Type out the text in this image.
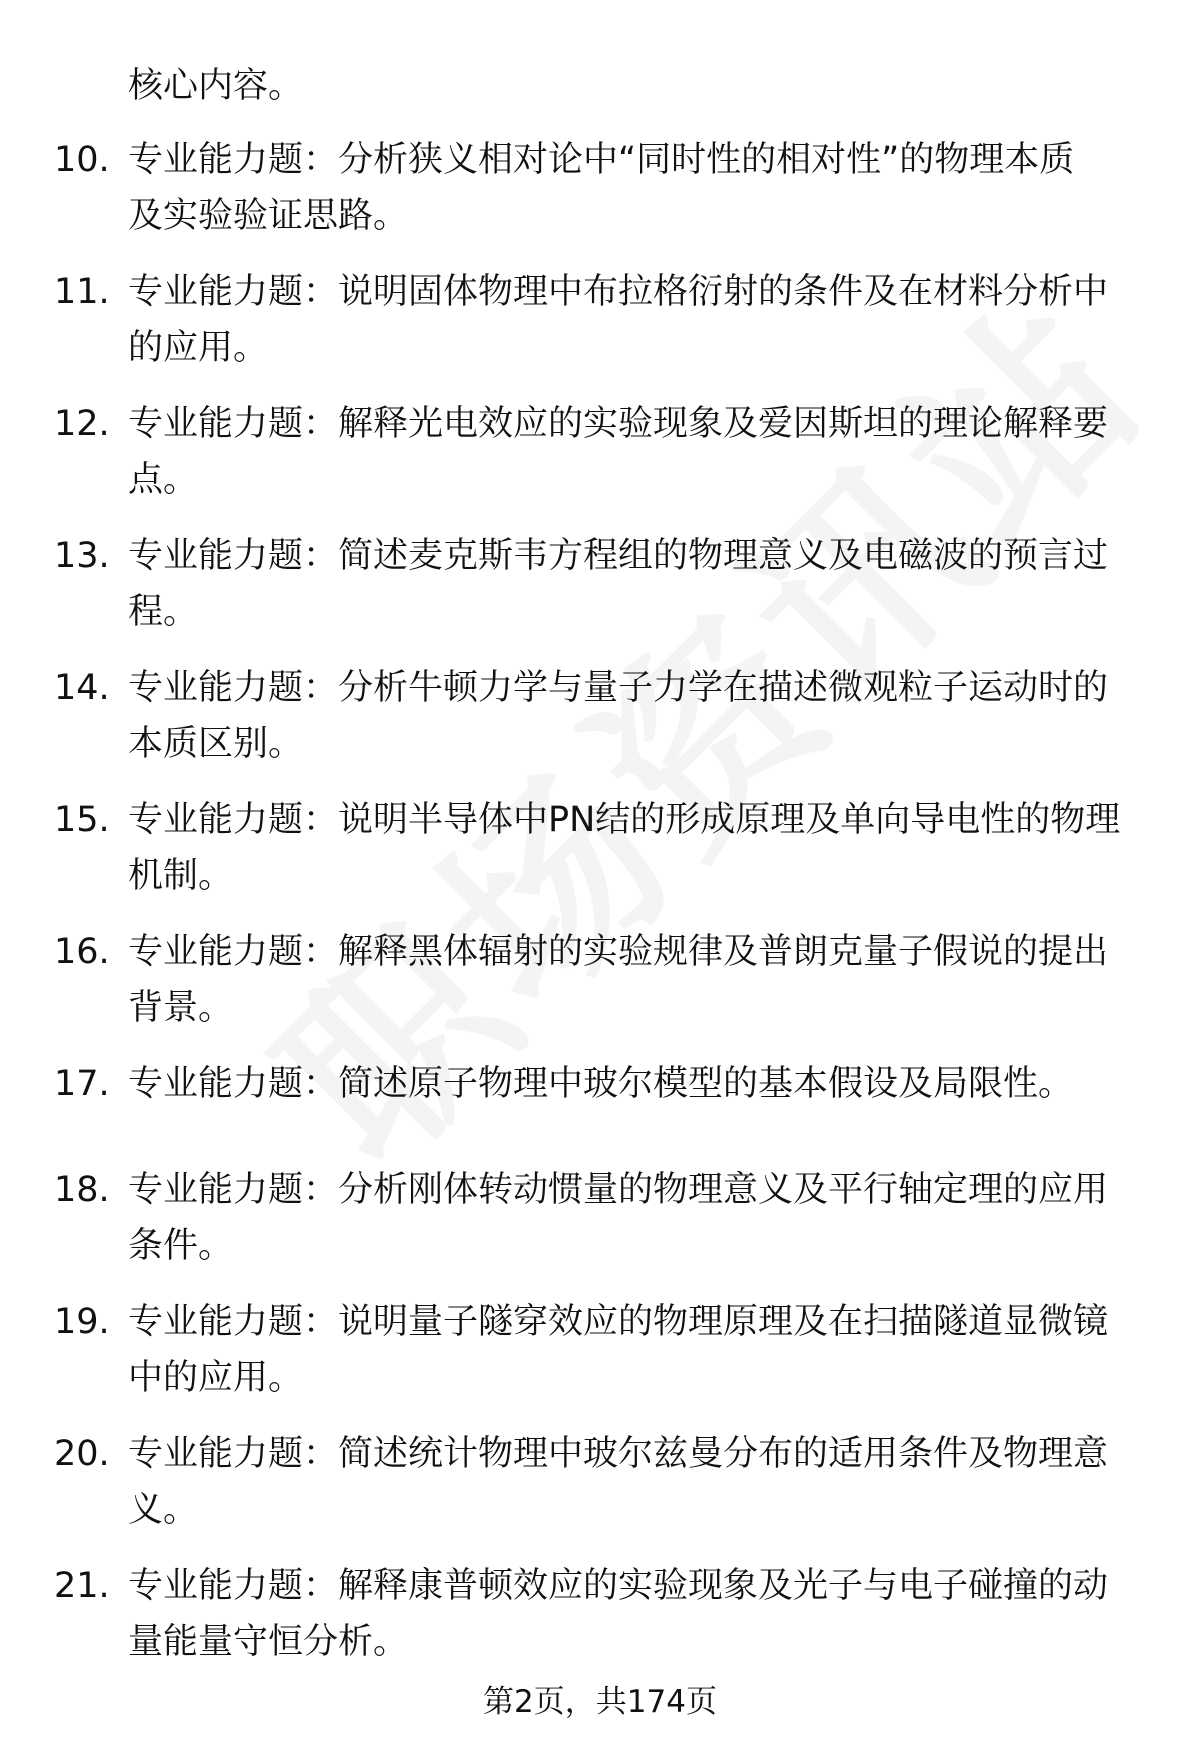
核心内容。
10. 专业能力题：分析狭义相对论中“同时性的相对性”的物理本质
及实验验证思路。
11. 专业能力题：说明固体物理中布拉格衍射的条件及在材料分析中
的应用。
12. 专业能力题：解释光电效应的实验现象及爱因斯坦的理论解释要
点。
13. 专业能力题：简述麦克斯韦方程组的物理意义及电磁波的预言过
程。
14. 专业能力题：分析牛顿力学与量子力学在描述微观粒子运动时的
本质区别。
15. 专业能力题：说明半导体中PN结的形成原理及单向导电性的物理
机制。
16. 专业能力题：解释黑体辐射的实验规律及普朗克量子假说的提出
背景。
17. 专业能力题：简述原子物理中玻尔模型的基本假设及局限性。
18. 专业能力题：分析刚体转动惯量的物理意义及平行轴定理的应用
条件。
19. 专业能力题：说明量子隧穿效应的物理原理及在扫描隧道显微镜
中的应用。
20. 专业能力题：简述统计物理中玻尔兹曼分布的适用条件及物理意
义。
21. 专业能力题：解释康普顿效应的实验现象及光子与电子碰撞的动
量能量守恒分析。
第2页，共174页
